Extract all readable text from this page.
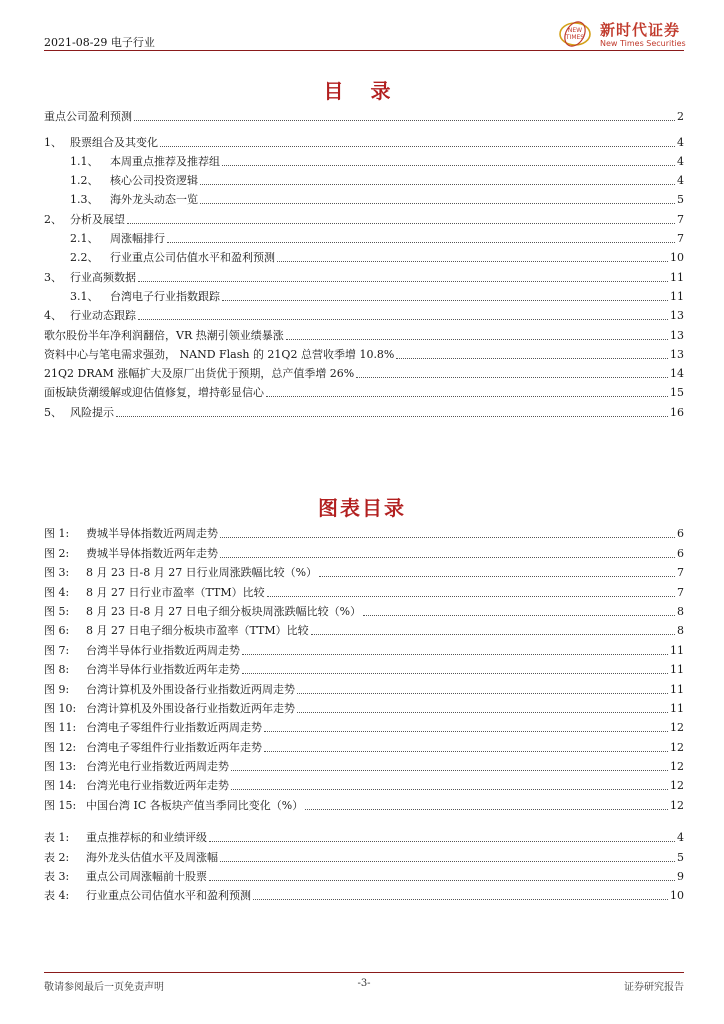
2021-08-29 电子行业
NEW
TIMES 新时代证券
New Times Securities
目 录
重点公司盈利预测	2
1、 股票组合及其变化	4
1.1、 本周重点推荐及推荐组	4
1.2、 核心公司投资逻辑	4
1.3、 海外龙头动态一览	5
2、 分析及展望	7
2.1、 周涨幅排行	7
2.2、 行业重点公司估值水平和盈利预测	10
3、 行业高频数据	11
3.1、 台湾电子行业指数跟踪	11
4、 行业动态跟踪	13
歌尔股份半年净利润翻倍，VR 热潮引领业绩暴涨	13
资料中心与笔电需求强劲， NAND Flash 的 21Q2 总营收季增 10.8%	13
21Q2 DRAM 涨幅扩大及原厂出货优于预期，总产值季增 26%	14
面板缺货潮缓解或迎估值修复，增持彰显信心	15
5、 风险提示	16
图表目录
图 1: 费城半导体指数近两周走势	6
图 2: 费城半导体指数近两年走势	6
图 3: 8 月 23 日-8 月 27 日行业周涨跌幅比较（%）	7
图 4: 8 月 27 日行业市盈率（TTM）比较	7
图 5: 8 月 23 日-8 月 27 日电子细分板块周涨跌幅比较（%）	8
图 6: 8 月 27 日电子细分板块市盈率（TTM）比较	8
图 7: 台湾半导体行业指数近两周走势	11
图 8: 台湾半导体行业指数近两年走势	11
图 9: 台湾计算机及外围设备行业指数近两周走势	11
图 10: 台湾计算机及外围设备行业指数近两年走势	11
图 11: 台湾电子零组件行业指数近两周走势	12
图 12: 台湾电子零组件行业指数近两年走势	12
图 13: 台湾光电行业指数近两周走势	12
图 14: 台湾光电行业指数近两年走势	12
图 15: 中国台湾 IC 各板块产值当季同比变化（%）	12
表 1: 重点推荐标的和业绩评级	4
表 2: 海外龙头估值水平及周涨幅	5
表 3: 重点公司周涨幅前十股票	9
表 4: 行业重点公司估值水平和盈利预测	10
敬请参阅最后一页免责声明	-3-	证券研究报告
